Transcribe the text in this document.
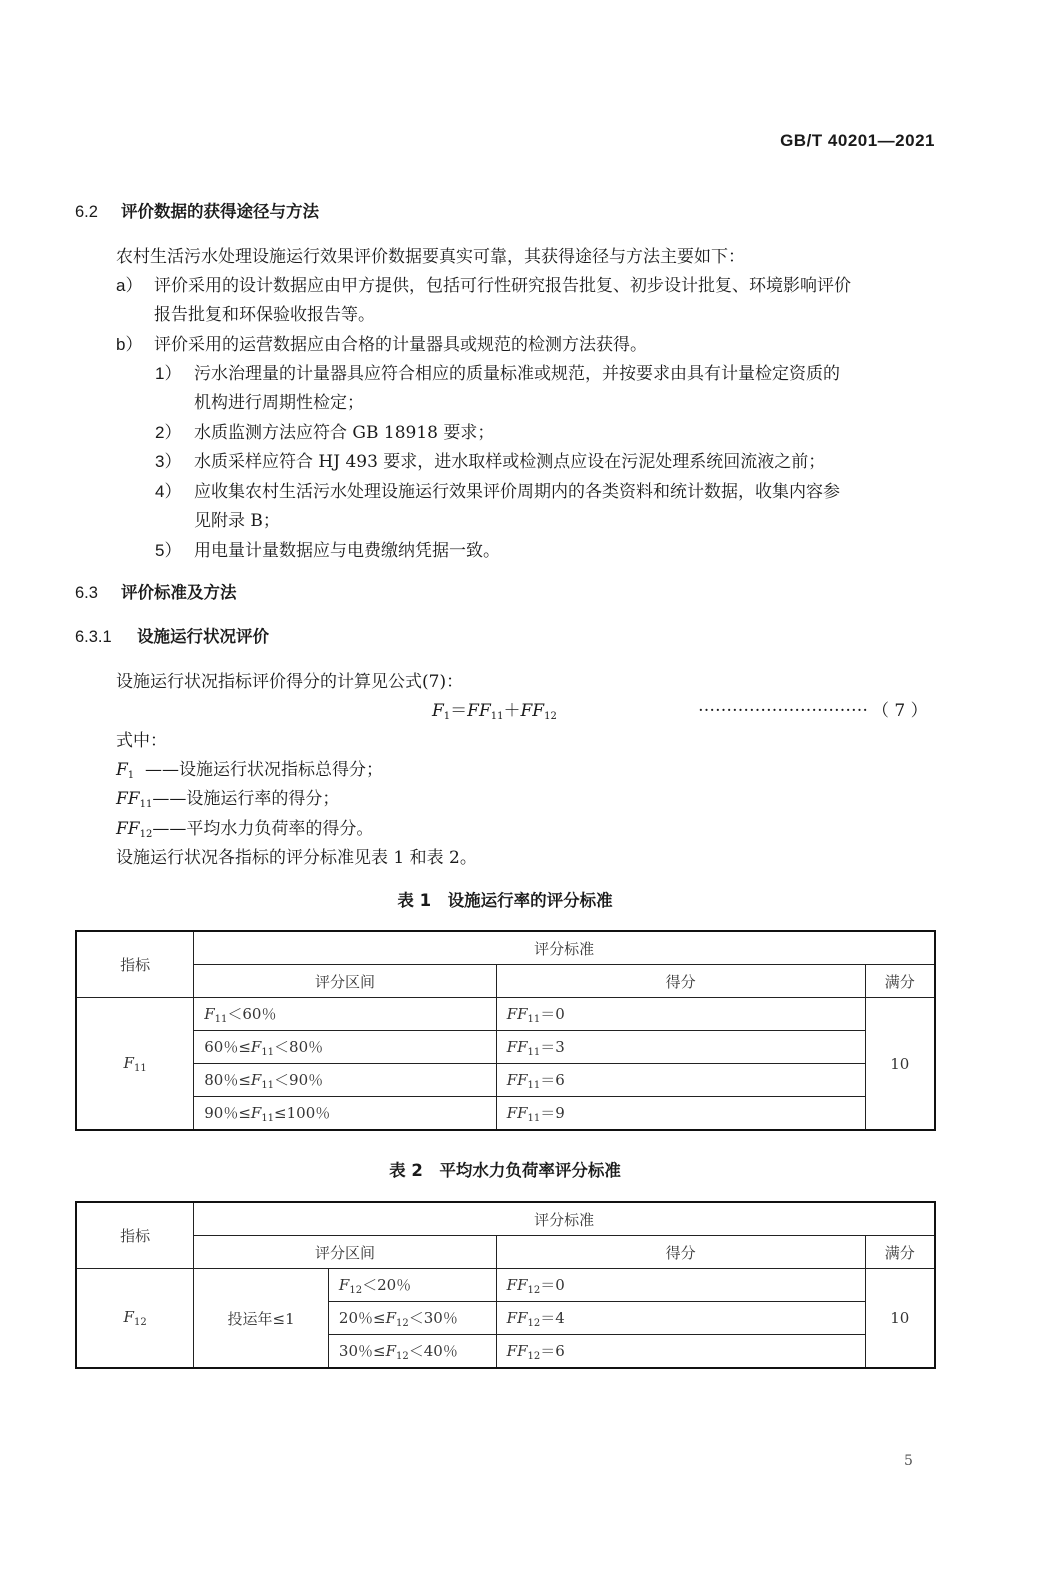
GB/T 40201—2021
6.2 评价数据的获得途径与方法
农村生活污水处理设施运行效果评价数据要真实可靠，其获得途径与方法主要如下：
a） 评价采用的设计数据应由甲方提供，包括可行性研究报告批复、初步设计批复、环境影响评价
报告批复和环保验收报告等。
b） 评价采用的运营数据应由合格的计量器具或规范的检测方法获得。
1） 污水治理量的计量器具应符合相应的质量标准或规范，并按要求由具有计量检定资质的
机构进行周期性检定；
2） 水质监测方法应符合 GB 18918 要求；
3） 水质采样应符合 HJ 493 要求，进水取样或检测点应设在污泥处理系统回流液之前；
4） 应收集农村生活污水处理设施运行效果评价周期内的各类资料和统计数据，收集内容参
见附录 B；
5） 用电量计量数据应与电费缴纳凭据一致。
6.3 评价标准及方法
6.3.1 设施运行状况评价
设施运行状况指标评价得分的计算见公式(7)：
$F_1=FF_{11}+FF_{12}$
………………………… （ 7 ）
式中：
$F_1$  ——设施运行状况指标总得分；
$FF_{11}——$设施运行率的得分；
$FF_{12}——$平均水力负荷率的得分。
设施运行状况各指标的评分标准见表 1 和表 2。
表 1　设施运行率的评分标准
指标	评分标准		
	评分区间	得分	满分
$F_{11}$	$F_{11}<60$％	$FF_{11}=0$	10
	60％$\le F_{11}<80$％	$FF_{11}=3$	
	80％$\le F_{11}<90$％	$FF_{11}=6$	
	90％$\le F_{11}\le 100$％	$FF_{11}=9$	
表 2　平均水力负荷率评分标准
指标	评分标准			
	评分区间		得分	满分
$F_{12}$	投运年≤1	$F_{12}<20$％	$FF_{12}=0$	10
		20％$\le F_{12}<30$％	$FF_{12}=4$	
		30％$\le F_{12}<40$％	$FF_{12}=6$	
5
